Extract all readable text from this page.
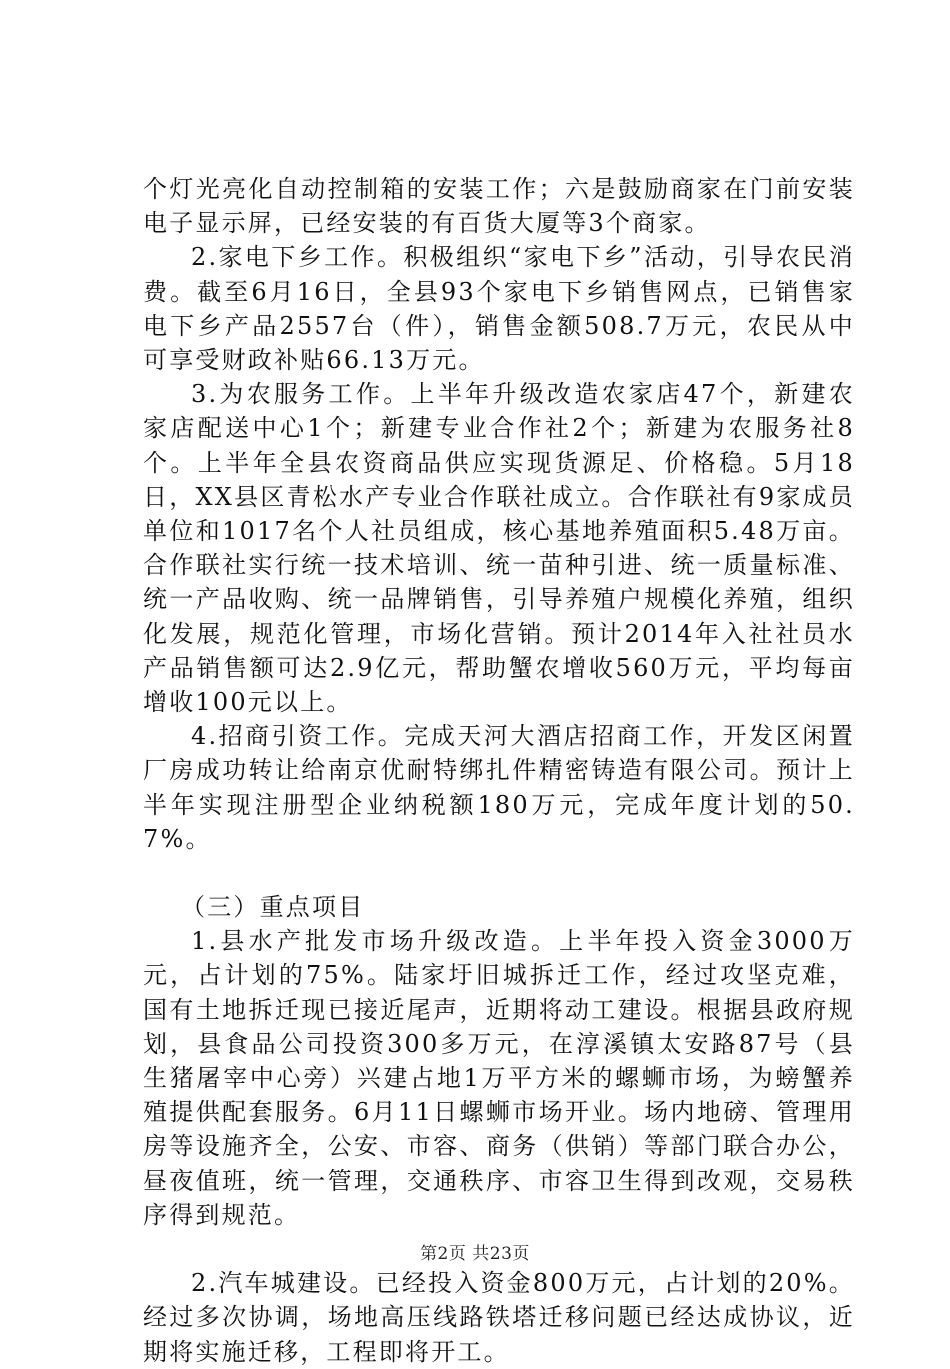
个灯光亮化自动控制箱的安装工作；六是鼓励商家在门前安装电子显示屏，已经安装的有百货大厦等3个商家。

2.家电下乡工作。积极组织“家电下乡”活动，引导农民消费。截至6月16日，全县93个家电下乡销售网点，已销售家电下乡产品2557台（件），销售金额508.7万元，农民从中可享受财政补贴66.13万元。

3.为农服务工作。上半年升级改造农家店47个，新建农家店配送中心1个；新建专业合作社2个；新建为农服务社8个。上半年全县农资商品供应实现货源足、价格稳。5月18日，XX县区青松水产专业合作联社成立。合作联社有9家成员单位和1017名个人社员组成，核心基地养殖面积5.48万亩。合作联社实行统一技术培训、统一苗种引进、统一质量标准、统一产品收购、统一品牌销售，引导养殖户规模化养殖，组织化发展，规范化管理，市场化营销。预计2014年入社社员水产品销售额可达2.9亿元，帮助蟹农增收560万元，平均每亩增收100元以上。

4.招商引资工作。完成天河大酒店招商工作，开发区闲置厂房成功转让给南京优耐特绑扎件精密铸造有限公司。预计上半年实现注册型企业纳税额180万元，完成年度计划的50.7%。

（三）重点项目

1.县水产批发市场升级改造。上半年投入资金3000万元，占计划的75%。陆家圩旧城拆迁工作，经过攻坚克难，国有土地拆迁现已接近尾声，近期将动工建设。根据县政府规划，县食品公司投资300多万元，在淳溪镇太安路87号（县生猪屠宰中心旁）兴建占地1万平方米的螺蛳市场，为螃蟹养殖提供配套服务。6月11日螺蛳市场开业。场内地磅、管理用房等设施齐全，公安、市容、商务（供销）等部门联合办公，昼夜值班，统一管理，交通秩序、市容卫生得到改观，交易秩序得到规范。

2.汽车城建设。已经投入资金800万元，占计划的20%。经过多次协调，场地高压线路铁塔迁移问题已经达成协议，近期将实施迁移，工程即将开工。

第2页 共23页
